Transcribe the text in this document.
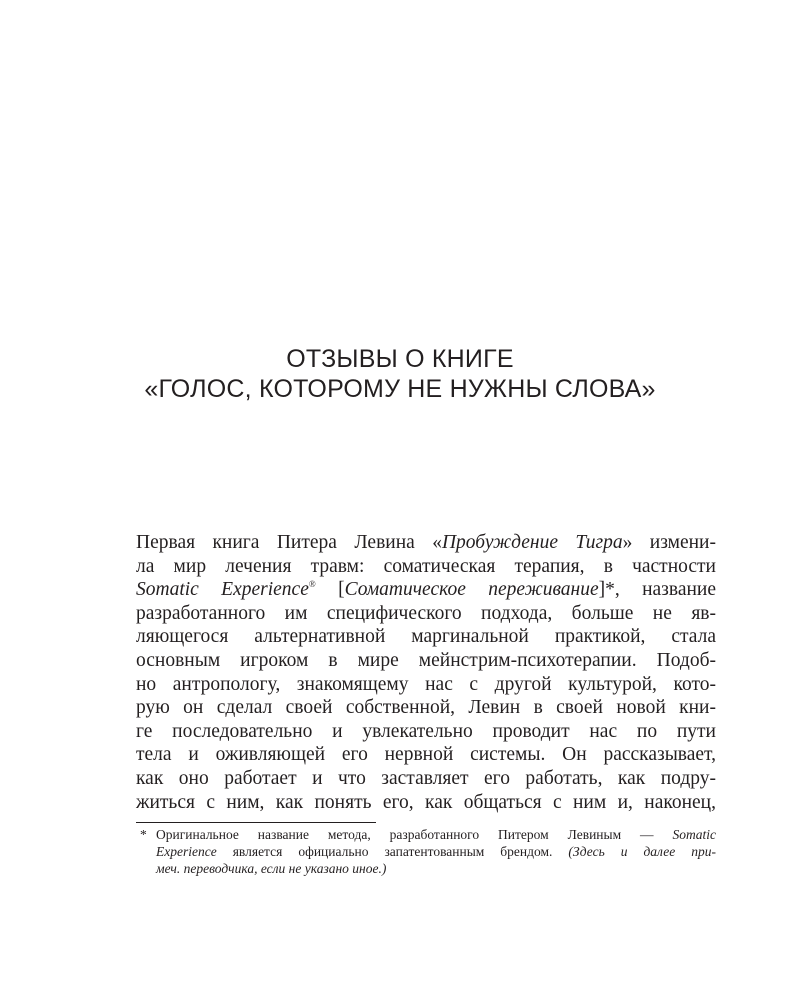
ОТЗЫВЫ О КНИГЕ
«ГОЛОС, КОТОРОМУ НЕ НУЖНЫ СЛОВА»
Первая книга Питера Левина «Пробуждение Тигра» измени-
ла мир лечения травм: соматическая терапия, в частности
Somatic Experience® [Соматическое переживание]*, название
разработанного им специфического подхода, больше не яв-
ляющегося альтернативной маргинальной практикой, стала
основным игроком в мире мейнстрим-психотерапии. Подоб-
но антропологу, знакомящему нас с другой культурой, кото-
рую он сделал своей собственной, Левин в своей новой кни-
ге последовательно и увлекательно проводит нас по пути
тела и оживляющей его нервной системы. Он рассказывает,
как оно работает и что заставляет его работать, как подру-
житься с ним, как понять его, как общаться с ним и, наконец,
* Оригинальное название метода, разработанного Питером Левиным — Somatic
Experience является официально запатентованным брендом. (Здесь и далее при-
меч. переводчика, если не указано иное.)
